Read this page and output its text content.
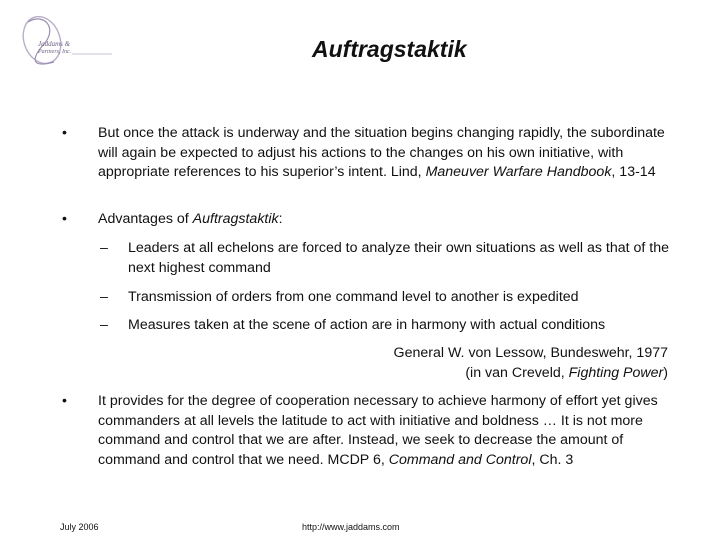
Jaddams &
Partners, Inc.	Auftragstaktik
•	But once the attack is underway and the situation begins changing rapidly, the subordinate will again be expected to adjust his actions to the changes on his own initiative, with appropriate references to his superior’s intent. Lind, Maneuver Warfare Handbook, 13-14
•	Advantages of Auftragstaktik:
– Leaders at all echelons are forced to analyze their own situations as well as that of the next highest command
– Transmission of orders from one command level to another is expedited
– Measures taken at the scene of action are in harmony with actual conditions
General W. von Lessow, Bundeswehr, 1977
(in van Creveld, Fighting Power)
•	It provides for the degree of cooperation necessary to achieve harmony of effort yet gives commanders at all levels the latitude to act with initiative and boldness … It is not more command and control that we are after. Instead, we seek to decrease the amount of command and control that we need. MCDP 6, Command and Control, Ch. 3
July 2006	http://www.jaddams.com
